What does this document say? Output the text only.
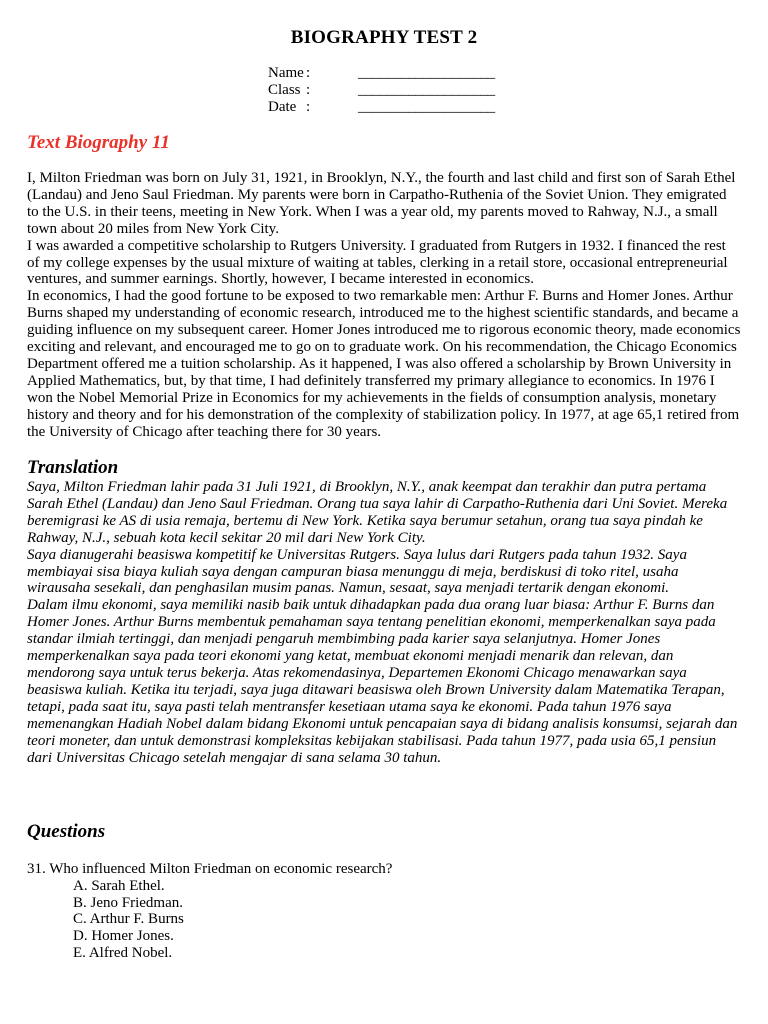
BIOGRAPHY TEST 2
Name :	___________________
Class :	___________________
Date :	___________________
Text Biography 11

I, Milton Friedman was born on July 31, 1921, in Brooklyn, N.Y., the fourth and last child and first son of Sarah Ethel (Landau) and Jeno Saul Friedman. My parents were born in Carpatho-Ruthenia of the Soviet Union. They emigrated to the U.S. in their teens, meeting in New York. When I was a year old, my parents moved to Rahway, N.J., a small town about 20 miles from New York City.

I was awarded a competitive scholarship to Rutgers University. I graduated from Rutgers in 1932. I financed the rest of my college expenses by the usual mixture of waiting at tables, clerking in a retail store, occasional entrepreneurial ventures, and summer earnings. Shortly, however, I became interested in economics.

In economics, I had the good fortune to be exposed to two remarkable men: Arthur F. Burns and Homer Jones. Arthur Burns shaped my understanding of economic research, introduced me to the highest scientific standards, and became a guiding influence on my subsequent career. Homer Jones introduced me to rigorous economic theory, made economics exciting and relevant, and encouraged me to go on to graduate work. On his recommendation, the Chicago Economics Department offered me a tuition scholarship. As it happened, I was also offered a scholarship by Brown University in Applied Mathematics, but, by that time, I had definitely transferred my primary allegiance to economics. In 1976 I won the Nobel Memorial Prize in Economics for my achievements in the fields of consumption analysis, monetary history and theory and for his demonstration of the complexity of stabilization policy. In 1977, at age 65,1 retired from the University of Chicago after teaching there for 30 years.

Translation

Saya, Milton Friedman lahir pada 31 Juli 1921, di Brooklyn, N.Y., anak keempat dan terakhir dan putra pertama Sarah Ethel (Landau) dan Jeno Saul Friedman. Orang tua saya lahir di Carpatho-Ruthenia dari Uni Soviet. Mereka beremigrasi ke AS di usia remaja, bertemu di New York. Ketika saya berumur setahun, orang tua saya pindah ke Rahway, N.J., sebuah kota kecil sekitar 20 mil dari New York City.

Saya dianugerahi beasiswa kompetitif ke Universitas Rutgers. Saya lulus dari Rutgers pada tahun 1932. Saya membiayai sisa biaya kuliah saya dengan campuran biasa menunggu di meja, berdiskusi di toko ritel, usaha wirausaha sesekali, dan penghasilan musim panas. Namun, sesaat, saya menjadi tertarik dengan ekonomi.

Dalam ilmu ekonomi, saya memiliki nasib baik untuk dihadapkan pada dua orang luar biasa: Arthur F. Burns dan Homer Jones. Arthur Burns membentuk pemahaman saya tentang penelitian ekonomi, memperkenalkan saya pada standar ilmiah tertinggi, dan menjadi pengaruh membimbing pada karier saya selanjutnya. Homer Jones memperkenalkan saya pada teori ekonomi yang ketat, membuat ekonomi menjadi menarik dan relevan, dan mendorong saya untuk terus bekerja. Atas rekomendasinya, Departemen Ekonomi Chicago menawarkan saya beasiswa kuliah. Ketika itu terjadi, saya juga ditawari beasiswa oleh Brown University dalam Matematika Terapan, tetapi, pada saat itu, saya pasti telah mentransfer kesetiaan utama saya ke ekonomi. Pada tahun 1976 saya memenangkan Hadiah Nobel dalam bidang Ekonomi untuk pencapaian saya di bidang analisis konsumsi, sejarah dan teori moneter, dan untuk demonstrasi kompleksitas kebijakan stabilisasi. Pada tahun 1977, pada usia 65,1 pensiun dari Universitas Chicago setelah mengajar di sana selama 30 tahun.

Questions
31. Who influenced Milton Friedman on economic research?
A. Sarah Ethel.
B. Jeno Friedman.
C. Arthur F. Burns
D. Homer Jones.
E. Alfred Nobel.
